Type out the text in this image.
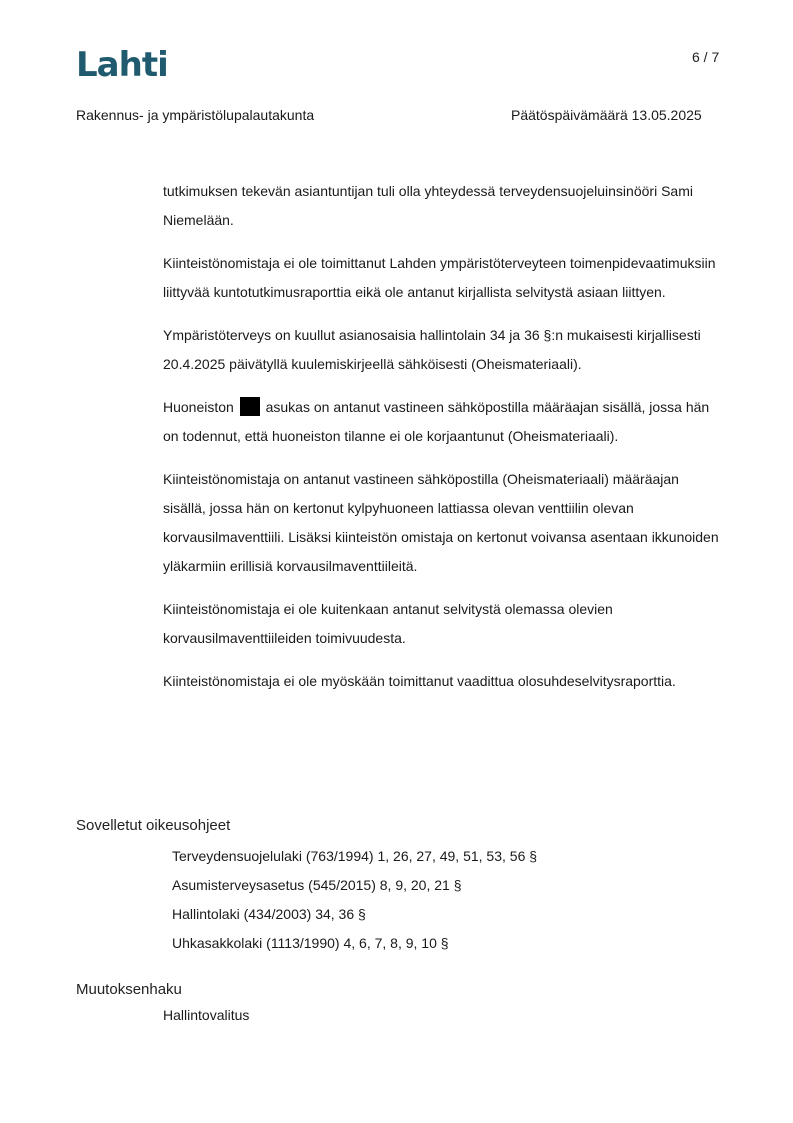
Lahti	6 / 7
Rakennus- ja ympäristölupalautakunta	Päätöspäivämäärä 13.05.2025

tutkimuksen tekevän asiantuntijan tuli olla yhteydessä terveydensuojeluinsinööri Sami Niemelään.

Kiinteistönomistaja ei ole toimittanut Lahden ympäristöterveyteen toimenpidevaatimuksiin liittyvää kuntotutkimusraporttia eikä ole antanut kirjallista selvitystä asiaan liittyen.

Ympäristöterveys on kuullut asianosaisia hallintolain 34 ja 36 §:n mukaisesti kirjallisesti 20.4.2025 päivätyllä kuulemiskirjeellä sähköisesti (Oheismateriaali).

Huoneiston asukas on antanut vastineen sähköpostilla määräajan sisällä, jossa hän on todennut, että huoneiston tilanne ei ole korjaantunut (Oheismateriaali).

Kiinteistönomistaja on antanut vastineen sähköpostilla (Oheismateriaali) määräajan sisällä, jossa hän on kertonut kylpyhuoneen lattiassa olevan venttiilin olevan korvausilmaventtiili. Lisäksi kiinteistön omistaja on kertonut voivansa asentaan ikkunoiden yläkarmiin erillisiä korvausilmaventtiileitä.

Kiinteistönomistaja ei ole kuitenkaan antanut selvitystä olemassa olevien korvausilmaventtiileiden toimivuudesta.

Kiinteistönomistaja ei ole myöskään toimittanut vaadittua olosuhdeselvitysraporttia.

Sovelletut oikeusohjeet
Terveydensuojelulaki (763/1994) 1, 26, 27, 49, 51, 53, 56 §
Asumisterveysasetus (545/2015) 8, 9, 20, 21 §
Hallintolaki (434/2003) 34, 36 §
Uhkasakkolaki (1113/1990) 4, 6, 7, 8, 9, 10 §
Muutoksenhaku
Hallintovalitus
